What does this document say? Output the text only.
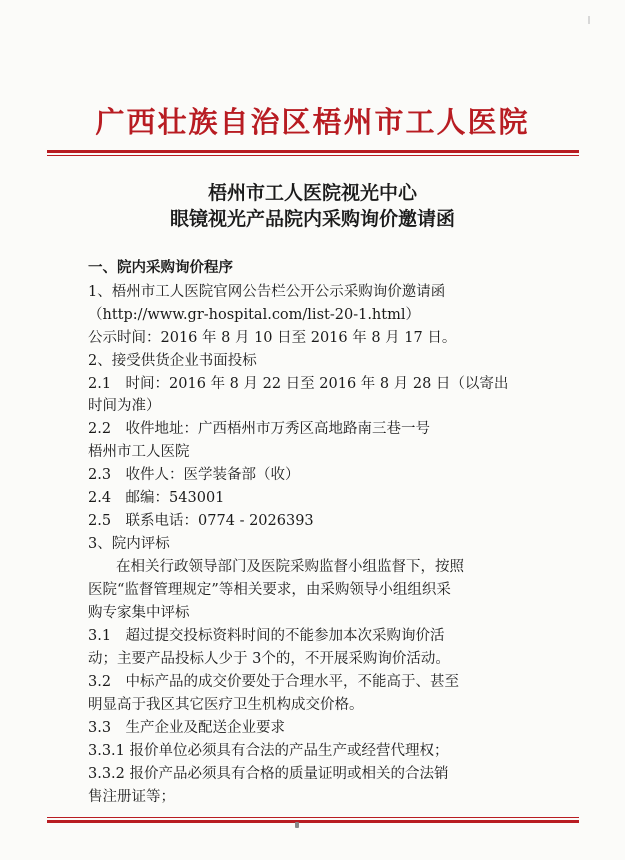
广西壮族自治区梧州市工人医院
梧州市工人医院视光中心
眼镜视光产品院内采购询价邀请函
一、院内采购询价程序
1、梧州市工人医院官网公告栏公开公示采购询价邀请函
（http://www.gr-hospital.com/list-20-1.html）
公示时间：2016 年 8 月 10 日至 2016 年 8 月 17 日。
2、接受供货企业书面投标
2.1　时间：2016 年 8 月 22 日至 2016 年 8 月 28 日（以寄出
时间为准）
2.2　收件地址：广西梧州市万秀区高地路南三巷一号
梧州市工人医院
2.3　收件人：医学装备部（收）
2.4　邮编：543001
2.5　联系电话：0774 - 2026393
3、院内评标
在相关行政领导部门及医院采购监督小组监督下，按照
医院“监督管理规定”等相关要求，由采购领导小组组织采
购专家集中评标
3.1　超过提交投标资料时间的不能参加本次采购询价活
动；主要产品投标人少于 3个的，不开展采购询价活动。
3.2　中标产品的成交价要处于合理水平，不能高于、甚至
明显高于我区其它医疗卫生机构成交价格。
3.3　生产企业及配送企业要求
3.3.1 报价单位必须具有合法的产品生产或经营代理权；
3.3.2 报价产品必须具有合格的质量证明或相关的合法销
售注册证等；
